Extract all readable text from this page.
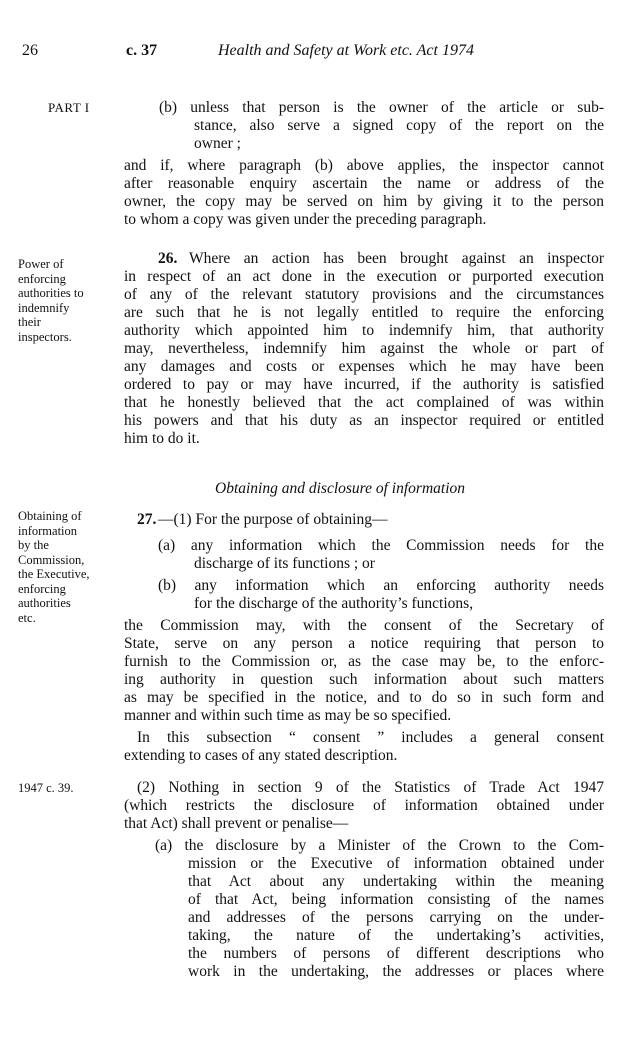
26	c. 37	Health and Safety at Work etc. Act 1974
PART I
Power of
enforcing
authorities to
indemnify
their
inspectors.
Obtaining of
information
by the
Commission,
the Executive,
enforcing
authorities
etc.
1947 c. 39.
(b) unless that person is the owner of the article or sub-
stance, also serve a signed copy of the report on the
owner ;
and if, where paragraph (b) above applies, the inspector cannot
after reasonable enquiry ascertain the name or address of the
owner, the copy may be served on him by giving it to the person
to whom a copy was given under the preceding paragraph.
26. Where an action has been brought against an inspector
in respect of an act done in the execution or purported execution
of any of the relevant statutory provisions and the circumstances
are such that he is not legally entitled to require the enforcing
authority which appointed him to indemnify him, that authority
may, nevertheless, indemnify him against the whole or part of
any damages and costs or expenses which he may have been
ordered to pay or may have incurred, if the authority is satisfied
that he honestly believed that the act complained of was within
his powers and that his duty as an inspector required or entitled
him to do it.
Obtaining and disclosure of information
27. —(1) For the purpose of obtaining—
(a) any information which the Commission needs for the
discharge of its functions ; or
(b) any information which an enforcing authority needs
for the discharge of the authority’s functions,
the Commission may, with the consent of the Secretary of
State, serve on any person a notice requiring that person to
furnish to the Commission or, as the case may be, to the enforc-
ing authority in question such information about such matters
as may be specified in the notice, and to do so in such form and
manner and within such time as may be so specified.
In this subsection “ consent ” includes a general consent
extending to cases of any stated description.
(2) Nothing in section 9 of the Statistics of Trade Act 1947
(which restricts the disclosure of information obtained under
that Act) shall prevent or penalise—
(a) the disclosure by a Minister of the Crown to the Com-
mission or the Executive of information obtained under
that Act about any undertaking within the meaning
of that Act, being information consisting of the names
and addresses of the persons carrying on the under-
taking, the nature of the undertaking’s activities,
the numbers of persons of different descriptions who
work in the undertaking, the addresses or places where
